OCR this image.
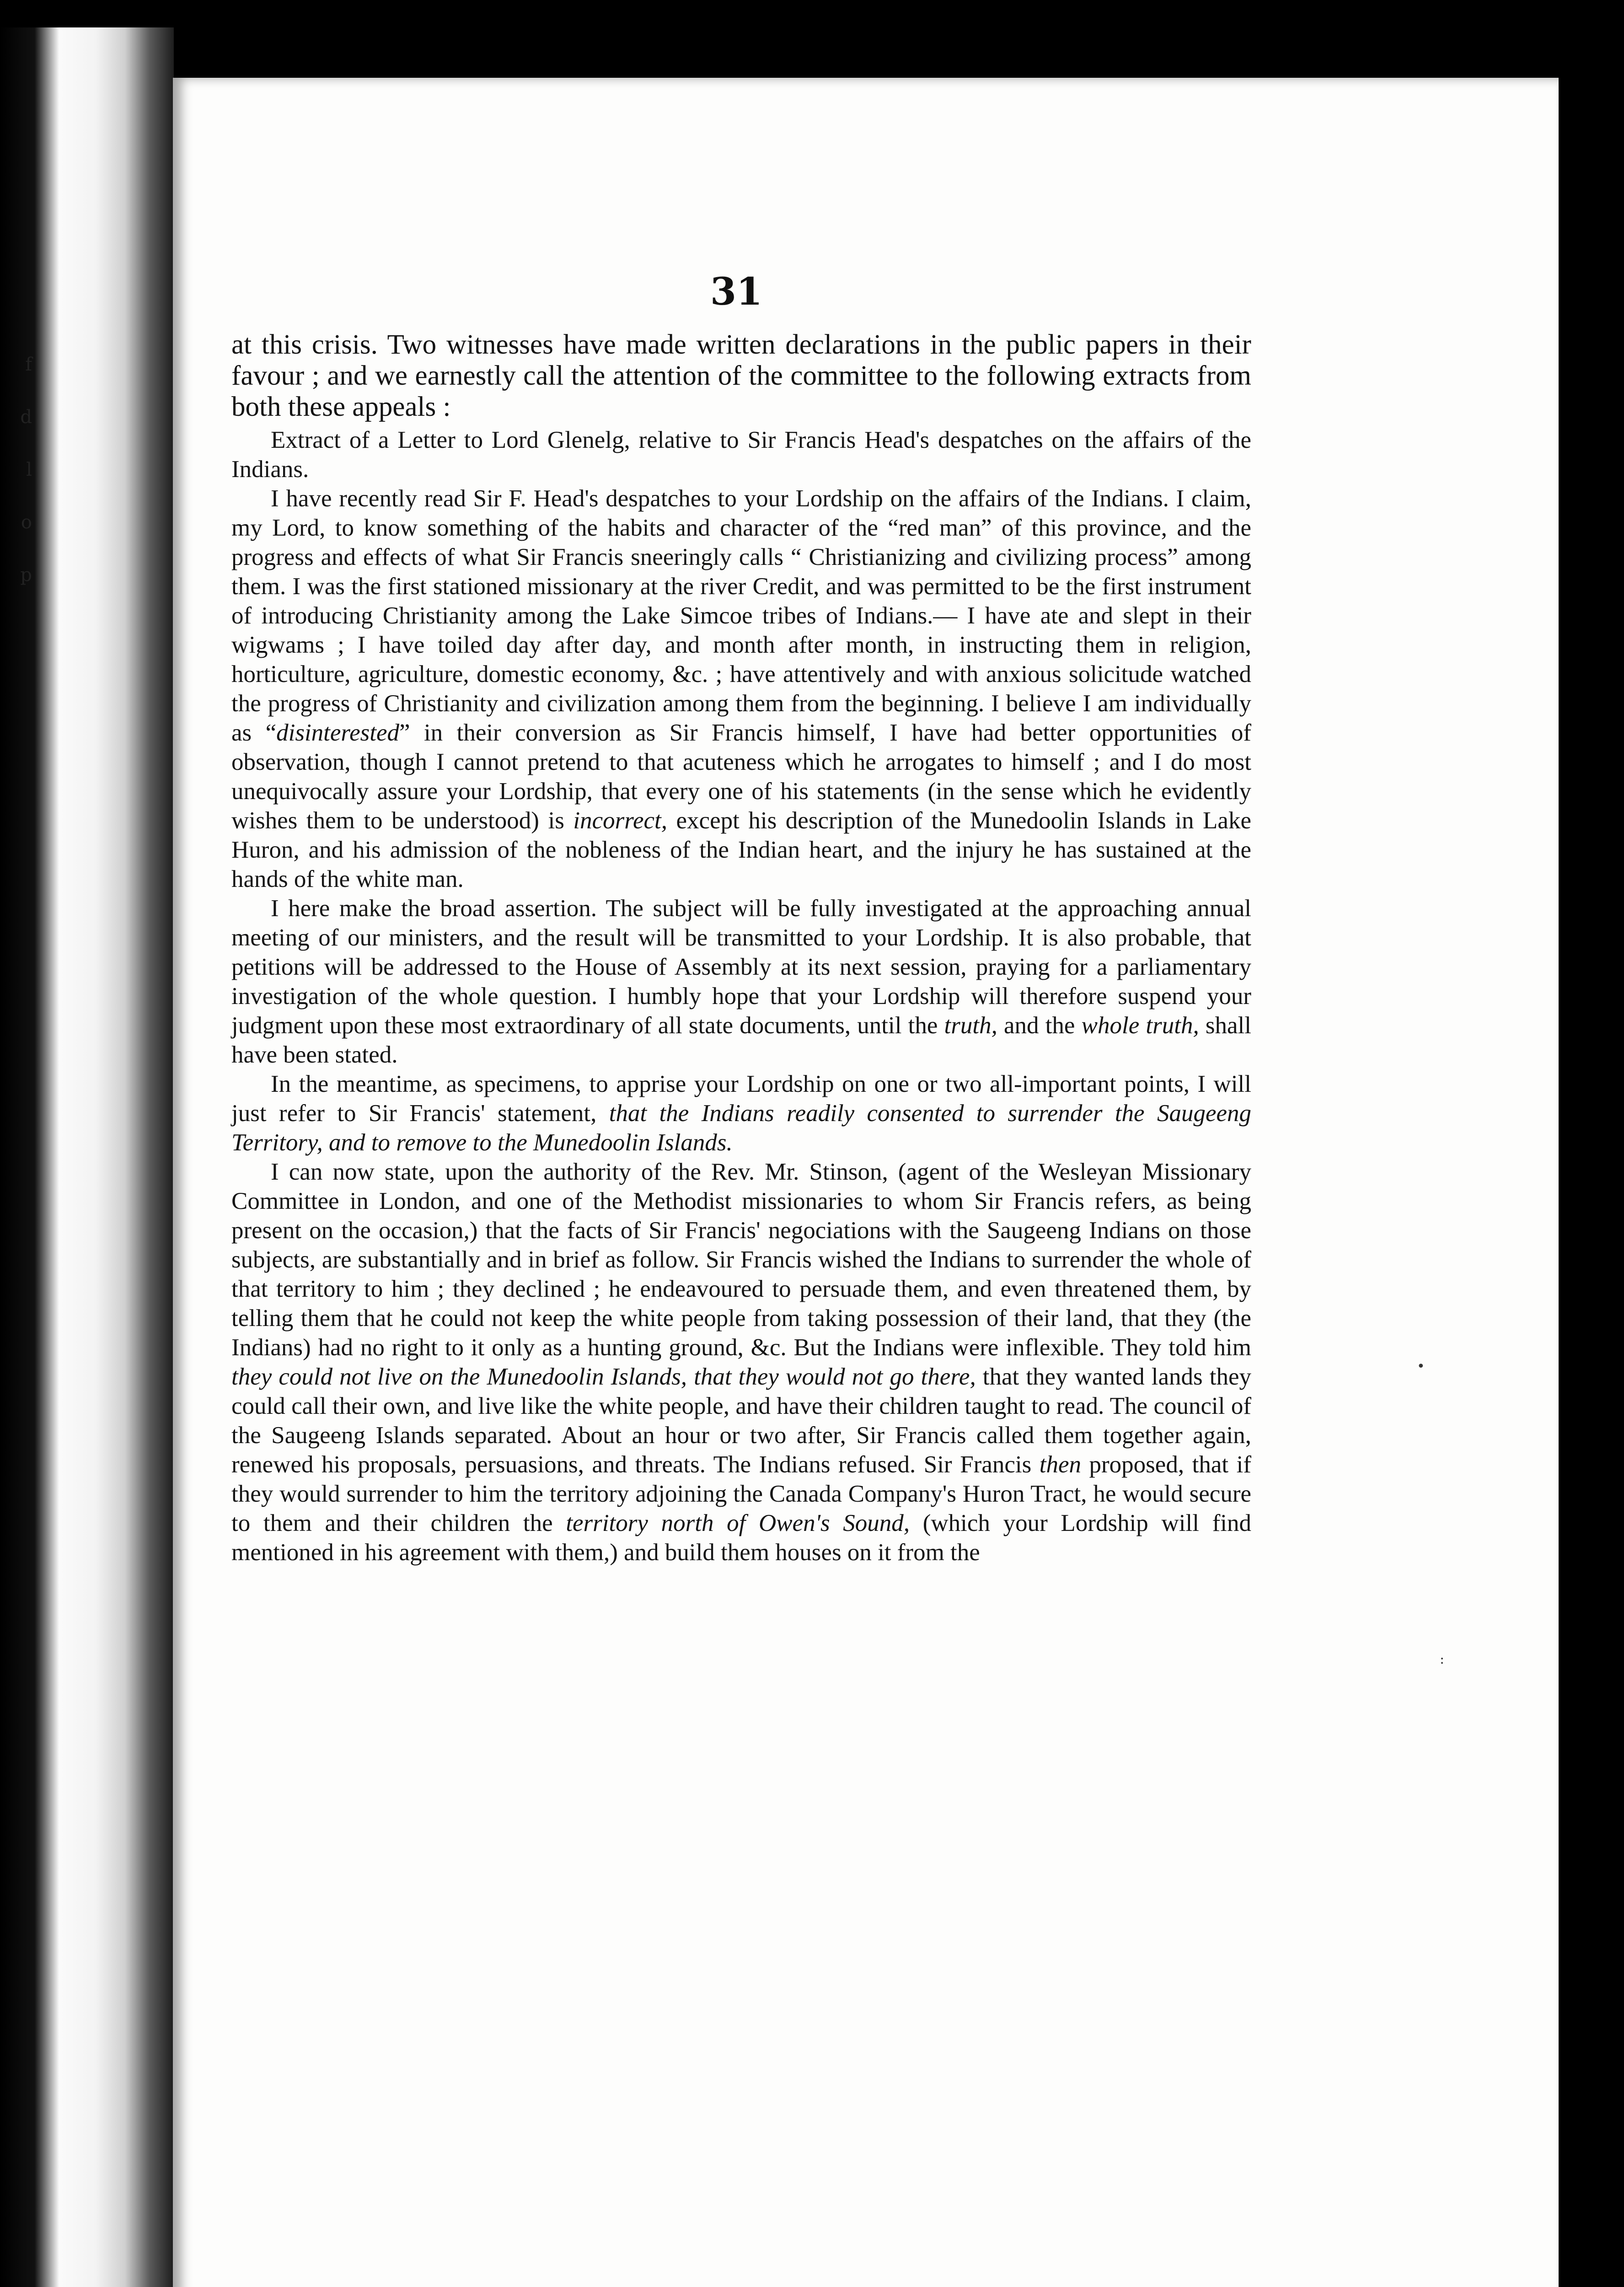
f
d
l
o
p
31

at this crisis. Two witnesses have made written declarations in the public papers in their favour ; and we earnestly call the attention of the committee to the following extracts from both these appeals :

Extract of a Letter to Lord Glenelg, relative to Sir Francis Head's despatches on the affairs of the Indians.

I have recently read Sir F. Head's despatches to your Lordship on the affairs of the Indians. I claim, my Lord, to know something of the habits and character of the “red man” of this province, and the progress and effects of what Sir Francis sneeringly calls “ Christianizing and civilizing process” among them. I was the first stationed missionary at the river Credit, and was permitted to be the first instrument of introducing Christianity among the Lake Simcoe tribes of Indians.— I have ate and slept in their wigwams ; I have toiled day after day, and month after month, in instructing them in religion, horticulture, agriculture, domestic economy, &c. ; have attentively and with anxious solicitude watched the progress of Christianity and civilization among them from the beginning. I believe I am individually as “disinterested” in their conversion as Sir Francis himself, I have had better opportunities of observation, though I cannot pretend to that acuteness which he arrogates to himself ; and I do most unequivocally assure your Lordship, that every one of his statements (in the sense which he evidently wishes them to be understood) is incorrect, except his description of the Munedoolin Islands in Lake Huron, and his admission of the nobleness of the Indian heart, and the injury he has sustained at the hands of the white man.

I here make the broad assertion. The subject will be fully investigated at the approaching annual meeting of our ministers, and the result will be transmitted to your Lordship. It is also probable, that petitions will be addressed to the House of Assembly at its next session, praying for a parliamentary investigation of the whole question. I humbly hope that your Lordship will therefore suspend your judgment upon these most extraordinary of all state documents, until the truth, and the whole truth, shall have been stated.

In the meantime, as specimens, to apprise your Lordship on one or two all-important points, I will just refer to Sir Francis' statement, that the Indians readily consented to surrender the Saugeeng Territory, and to remove to the Munedoolin Islands.

I can now state, upon the authority of the Rev. Mr. Stinson, (agent of the Wesleyan Missionary Committee in London, and one of the Methodist missionaries to whom Sir Francis refers, as being present on the occasion,) that the facts of Sir Francis' negociations with the Saugeeng Indians on those subjects, are substantially and in brief as follow. Sir Francis wished the Indians to surrender the whole of that territory to him ; they declined ; he endeavoured to persuade them, and even threatened them, by telling them that he could not keep the white people from taking possession of their land, that they (the Indians) had no right to it only as a hunting ground, &c. But the Indians were inflexible. They told him they could not live on the Munedoolin Islands, that they would not go there, that they wanted lands they could call their own, and live like the white people, and have their children taught to read. The council of the Saugeeng Islands separated. About an hour or two after, Sir Francis called them together again, renewed his proposals, persuasions, and threats. The Indians refused. Sir Francis then proposed, that if they would surrender to him the territory adjoining the Canada Company's Huron Tract, he would secure to them and their children the territory north of Owen's Sound, (which your Lordship will find mentioned in his agreement with them,) and build them houses on it from the

•
:
